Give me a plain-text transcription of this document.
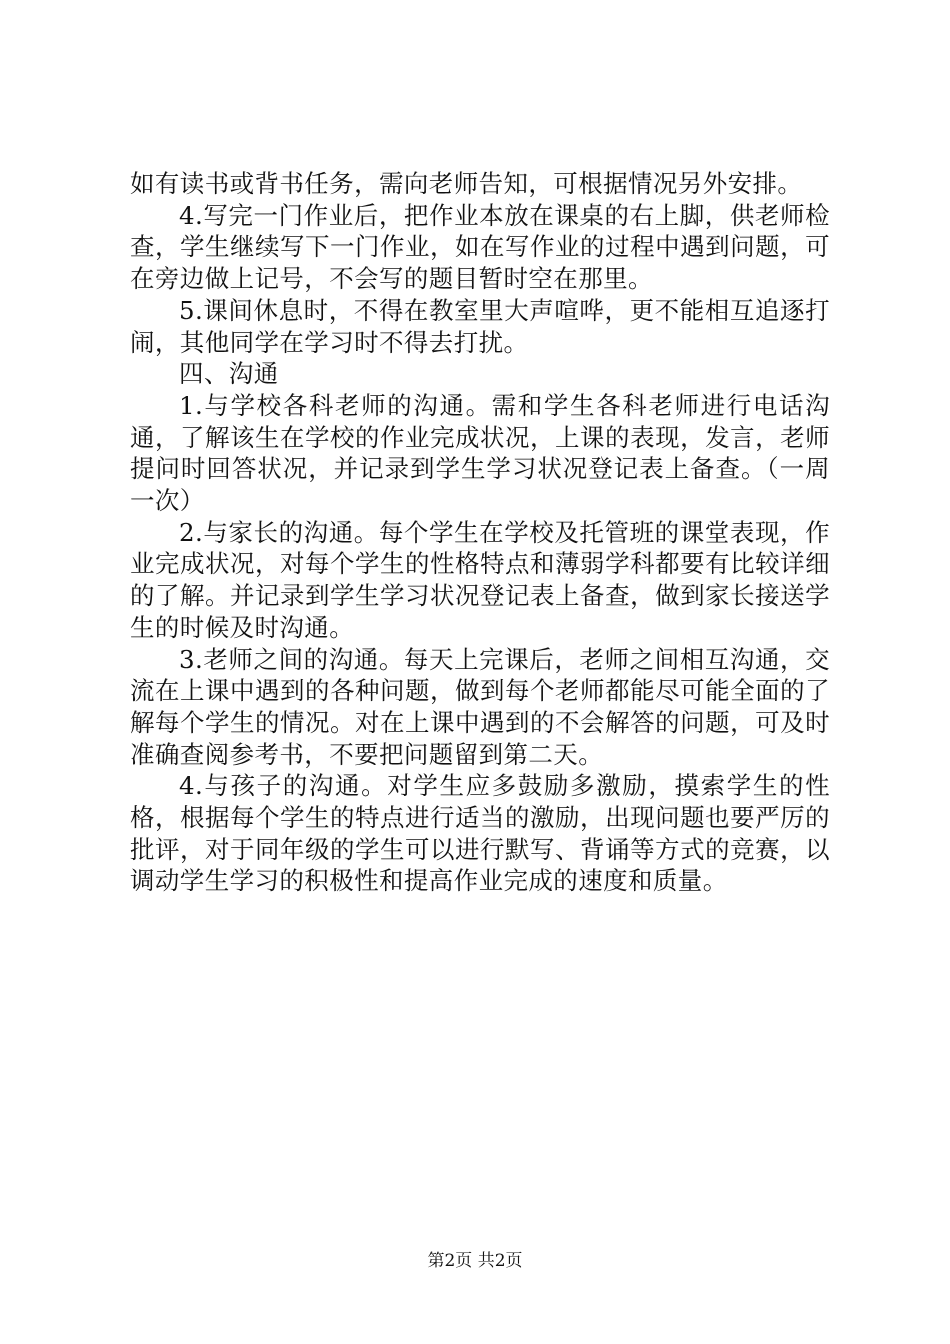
如有读书或背书任务，需向老师告知，可根据情况另外安排。

4.写完一门作业后，把作业本放在课桌的右上脚，供老师检查，学生继续写下一门作业，如在写作业的过程中遇到问题，可在旁边做上记号，不会写的题目暂时空在那里。

5.课间休息时，不得在教室里大声喧哗，更不能相互追逐打闹，其他同学在学习时不得去打扰。

四、沟通

1.与学校各科老师的沟通。需和学生各科老师进行电话沟通，了解该生在学校的作业完成状况，上课的表现，发言，老师提问时回答状况，并记录到学生学习状况登记表上备查。（一周一次）

2.与家长的沟通。每个学生在学校及托管班的课堂表现，作业完成状况，对每个学生的性格特点和薄弱学科都要有比较详细的了解。并记录到学生学习状况登记表上备查，做到家长接送学生的时候及时沟通。

3.老师之间的沟通。每天上完课后，老师之间相互沟通，交流在上课中遇到的各种问题，做到每个老师都能尽可能全面的了解每个学生的情况。对在上课中遇到的不会解答的问题，可及时准确查阅参考书，不要把问题留到第二天。

4.与孩子的沟通。对学生应多鼓励多激励，摸索学生的性格，根据每个学生的特点进行适当的激励，出现问题也要严厉的批评，对于同年级的学生可以进行默写、背诵等方式的竞赛，以调动学生学习的积极性和提高作业完成的速度和质量。

第2页 共2页
